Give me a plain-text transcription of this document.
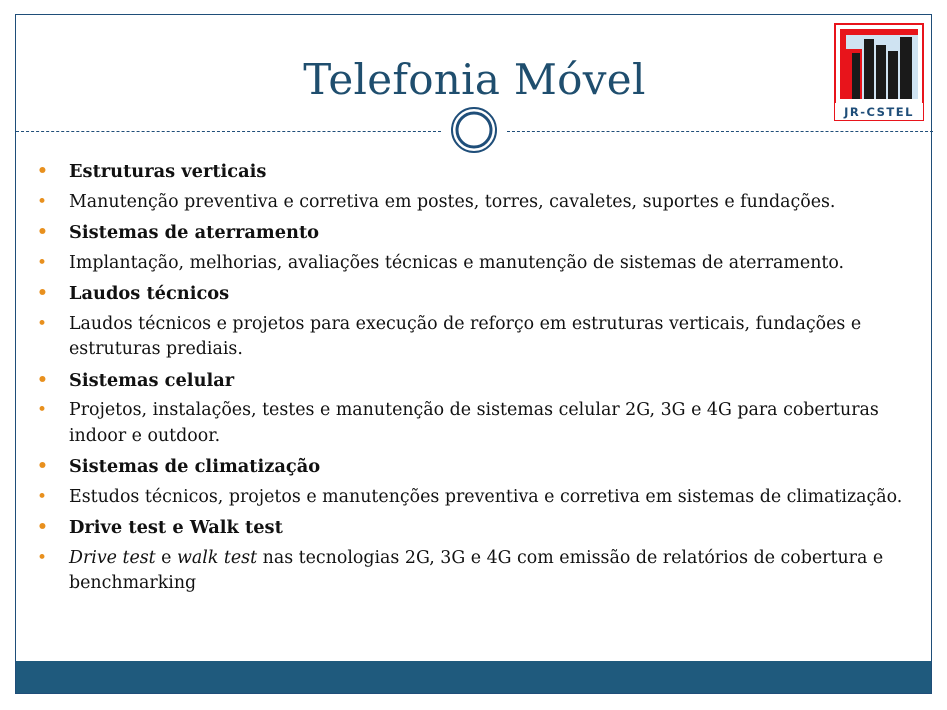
Telefonia Móvel
JR-CSTEL
• Estruturas verticais
• Manutenção preventiva e corretiva em postes, torres, cavaletes, suportes e fundações.
• Sistemas de aterramento
• Implantação, melhorias, avaliações técnicas e manutenção de sistemas de aterramento.
• Laudos técnicos
• Laudos técnicos e projetos para execução de reforço em estruturas verticais, fundações e estruturas prediais.
• Sistemas celular
• Projetos, instalações, testes e manutenção de sistemas celular 2G, 3G e 4G para coberturas indoor e outdoor.
• Sistemas de climatização
• Estudos técnicos, projetos e manutenções preventiva e corretiva em sistemas de climatização.
• Drive test e Walk test
• Drive test e walk test nas tecnologias 2G, 3G e 4G com emissão de relatórios de cobertura e benchmarking
